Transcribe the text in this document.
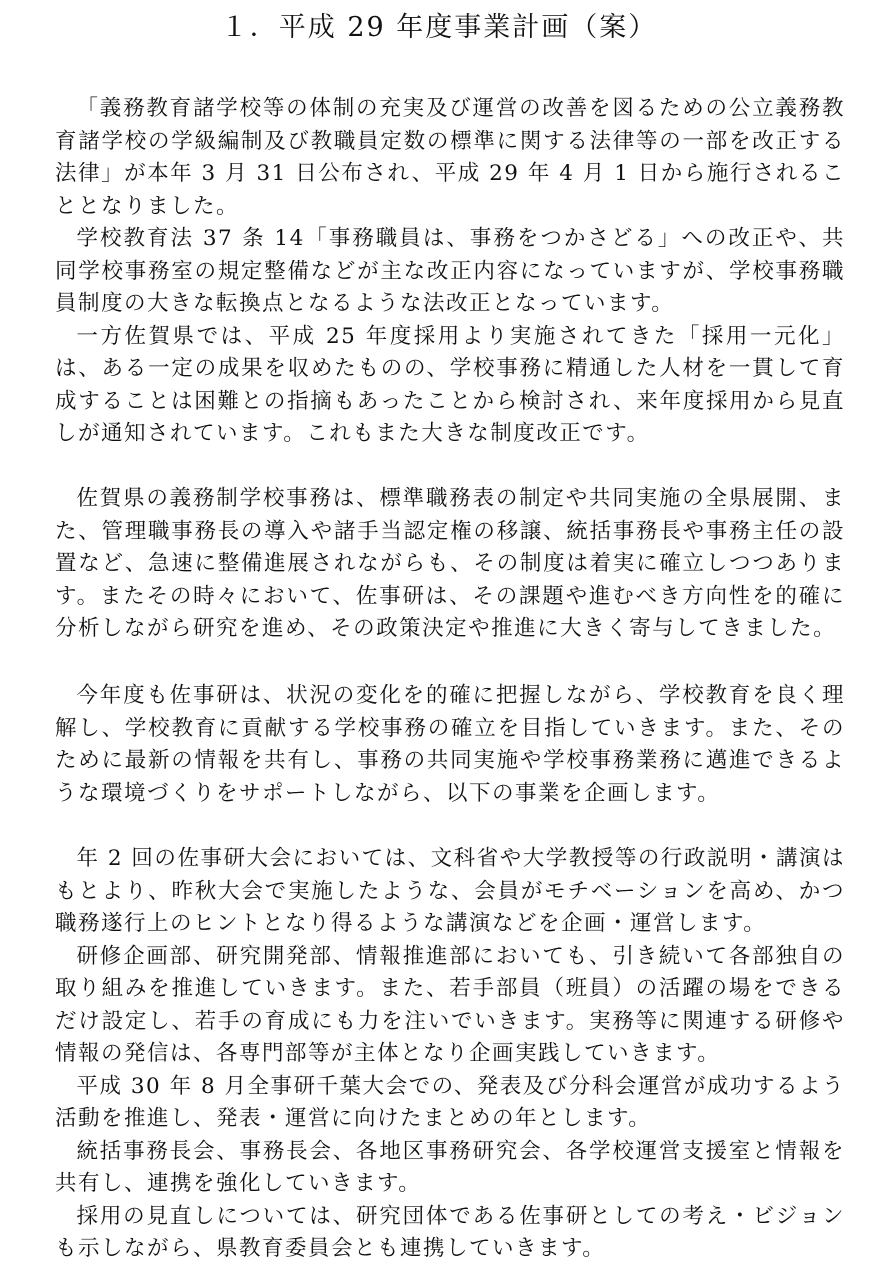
１．平成 29 年度事業計画（案）

「義務教育諸学校等の体制の充実及び運営の改善を図るための公立義務教育諸学校の学級編制及び教職員定数の標準に関する法律等の一部を改正する法律」が本年 3 月 31 日公布され、平成 29 年 4 月 1 日から施行されることとなりました。

学校教育法 37 条 14「事務職員は、事務をつかさどる」への改正や、共同学校事務室の規定整備などが主な改正内容になっていますが、学校事務職員制度の大きな転換点となるような法改正となっています。

一方佐賀県では、平成 25 年度採用より実施されてきた「採用一元化」は、ある一定の成果を収めたものの、学校事務に精通した人材を一貫して育成することは困難との指摘もあったことから検討され、来年度採用から見直しが通知されています。これもまた大きな制度改正です。

佐賀県の義務制学校事務は、標準職務表の制定や共同実施の全県展開、また、管理職事務長の導入や諸手当認定権の移譲、統括事務長や事務主任の設置など、急速に整備進展されながらも、その制度は着実に確立しつつあります。またその時々において、佐事研は、その課題や進むべき方向性を的確に分析しながら研究を進め、その政策決定や推進に大きく寄与してきました。

今年度も佐事研は、状況の変化を的確に把握しながら、学校教育を良く理解し、学校教育に貢献する学校事務の確立を目指していきます。また、そのために最新の情報を共有し、事務の共同実施や学校事務業務に邁進できるような環境づくりをサポートしながら、以下の事業を企画します。

年 2 回の佐事研大会においては、文科省や大学教授等の行政説明・講演はもとより、昨秋大会で実施したような、会員がモチベーションを高め、かつ職務遂行上のヒントとなり得るような講演などを企画・運営します。

研修企画部、研究開発部、情報推進部においても、引き続いて各部独自の取り組みを推進していきます。また、若手部員（班員）の活躍の場をできるだけ設定し、若手の育成にも力を注いでいきます。実務等に関連する研修や情報の発信は、各専門部等が主体となり企画実践していきます。

平成 30 年 8 月全事研千葉大会での、発表及び分科会運営が成功するよう活動を推進し、発表・運営に向けたまとめの年とします。

統括事務長会、事務長会、各地区事務研究会、各学校運営支援室と情報を共有し、連携を強化していきます。

採用の見直しについては、研究団体である佐事研としての考え・ビジョンも示しながら、県教育委員会とも連携していきます。
